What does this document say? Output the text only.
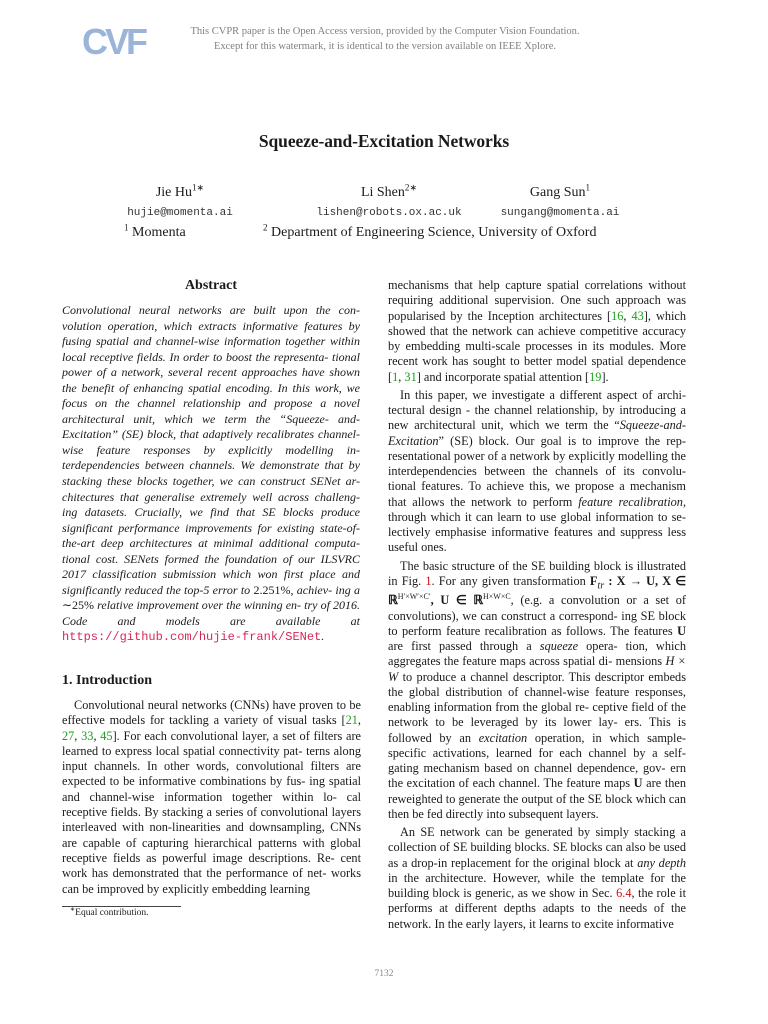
CVF	This CVPR paper is the Open Access version, provided by the Computer Vision Foundation.
Except for this watermark, it is identical to the version available on IEEE Xplore.
Squeeze-and-Excitation Networks
Jie $Hu^{1∗}$	Li Shen$^{2∗}$	Gang Sun$^1$
hujie@momenta.ai	lishen@robots.ox.ac.uk	sungang@momenta.ai
$^1$ Momenta	$^2$ Department of Engineering Science, University of Oxford
Abstract

Convolutional neural networks are built upon the con- volution operation, which extracts informative features by fusing spatial and channel-wise information together within local receptive fields. In order to boost the representa- tional power of a network, several recent approaches have shown the benefit of enhancing spatial encoding. In this work, we focus on the channel relationship and propose a novel architectural unit, which we term the “Squeeze- and-Excitation” (SE) block, that adaptively recalibrates channel-wise feature responses by explicitly modelling in- terdependencies between channels. We demonstrate that by stacking these blocks together, we can construct SENet ar- chitectures that generalise extremely well across challeng- ing datasets. Crucially, we find that SE blocks produce significant performance improvements for existing state-of- the-art deep architectures at minimal additional computa- tional cost. SENets formed the foundation of our ILSVRC 2017 classification submission which won first place and significantly reduced the top-5 error to 2.251%, achiev- ing a ∼25% relative improvement over the winning en- try of 2016. Code and models are available at https://github.com/hujie-frank/SENet.

1. Introduction

Convolutional neural networks (CNNs) have proven to be effective models for tackling a variety of visual tasks [21, 27, 33, 45]. For each convolutional layer, a set of filters are learned to express local spatial connectivity pat- terns along input channels. In other words, convolutional filters are expected to be informative combinations by fus- ing spatial and channel-wise information together within lo- cal receptive fields. By stacking a series of convolutional layers interleaved with non-linearities and downsampling, CNNs are capable of capturing hierarchical patterns with global receptive fields as powerful image descriptions. Re- cent work has demonstrated that the performance of net- works can be improved by explicitly embedding learning

∗Equal contribution.

mechanisms that help capture spatial correlations without requiring additional supervision. One such approach was popularised by the Inception architectures [16, 43], which showed that the network can achieve competitive accuracy by embedding multi-scale processes in its modules. More recent work has sought to better model spatial dependence [1, 31] and incorporate spatial attention [19].

In this paper, we investigate a different aspect of archi- tectural design - the channel relationship, by introducing a new architectural unit, which we term the “Squeeze-and- Excitation” (SE) block. Our goal is to improve the rep- resentational power of a network by explicitly modelling the interdependencies between the channels of its convolu- tional features. To achieve this, we propose a mechanism that allows the network to perform feature recalibration, through which it can learn to use global information to se- lectively emphasise informative features and suppress less useful ones.

The basic structure of the SE building block is illustrated in Fig. 1. For any given transformation $F_{tr}$ : X → U, X ∈ ℝ$^{H'\times W'\times C'}$, U ∈ ℝ$^{H\times W\times C}$, (e.g. a convolution or a set of convolutions), we can construct a correspond- ing SE block to perform feature recalibration as follows. The features U are first passed through a squeeze opera- tion, which aggregates the feature maps across spatial di- mensions H × W to produce a channel descriptor. This descriptor embeds the global distribution of channel-wise feature responses, enabling information from the global re- ceptive field of the network to be leveraged by its lower lay- ers. This is followed by an excitation operation, in which sample-specific activations, learned for each channel by a self-gating mechanism based on channel dependence, gov- ern the excitation of each channel. The feature maps U are then reweighted to generate the output of the SE block which can then be fed directly into subsequent layers.

An SE network can be generated by simply stacking a collection of SE building blocks. SE blocks can also be used as a drop-in replacement for the original block at any depth in the architecture. However, while the template for the building block is generic, as we show in Sec. 6.4, the role it performs at different depths adapts to the needs of the network. In the early layers, it learns to excite informative

7132
